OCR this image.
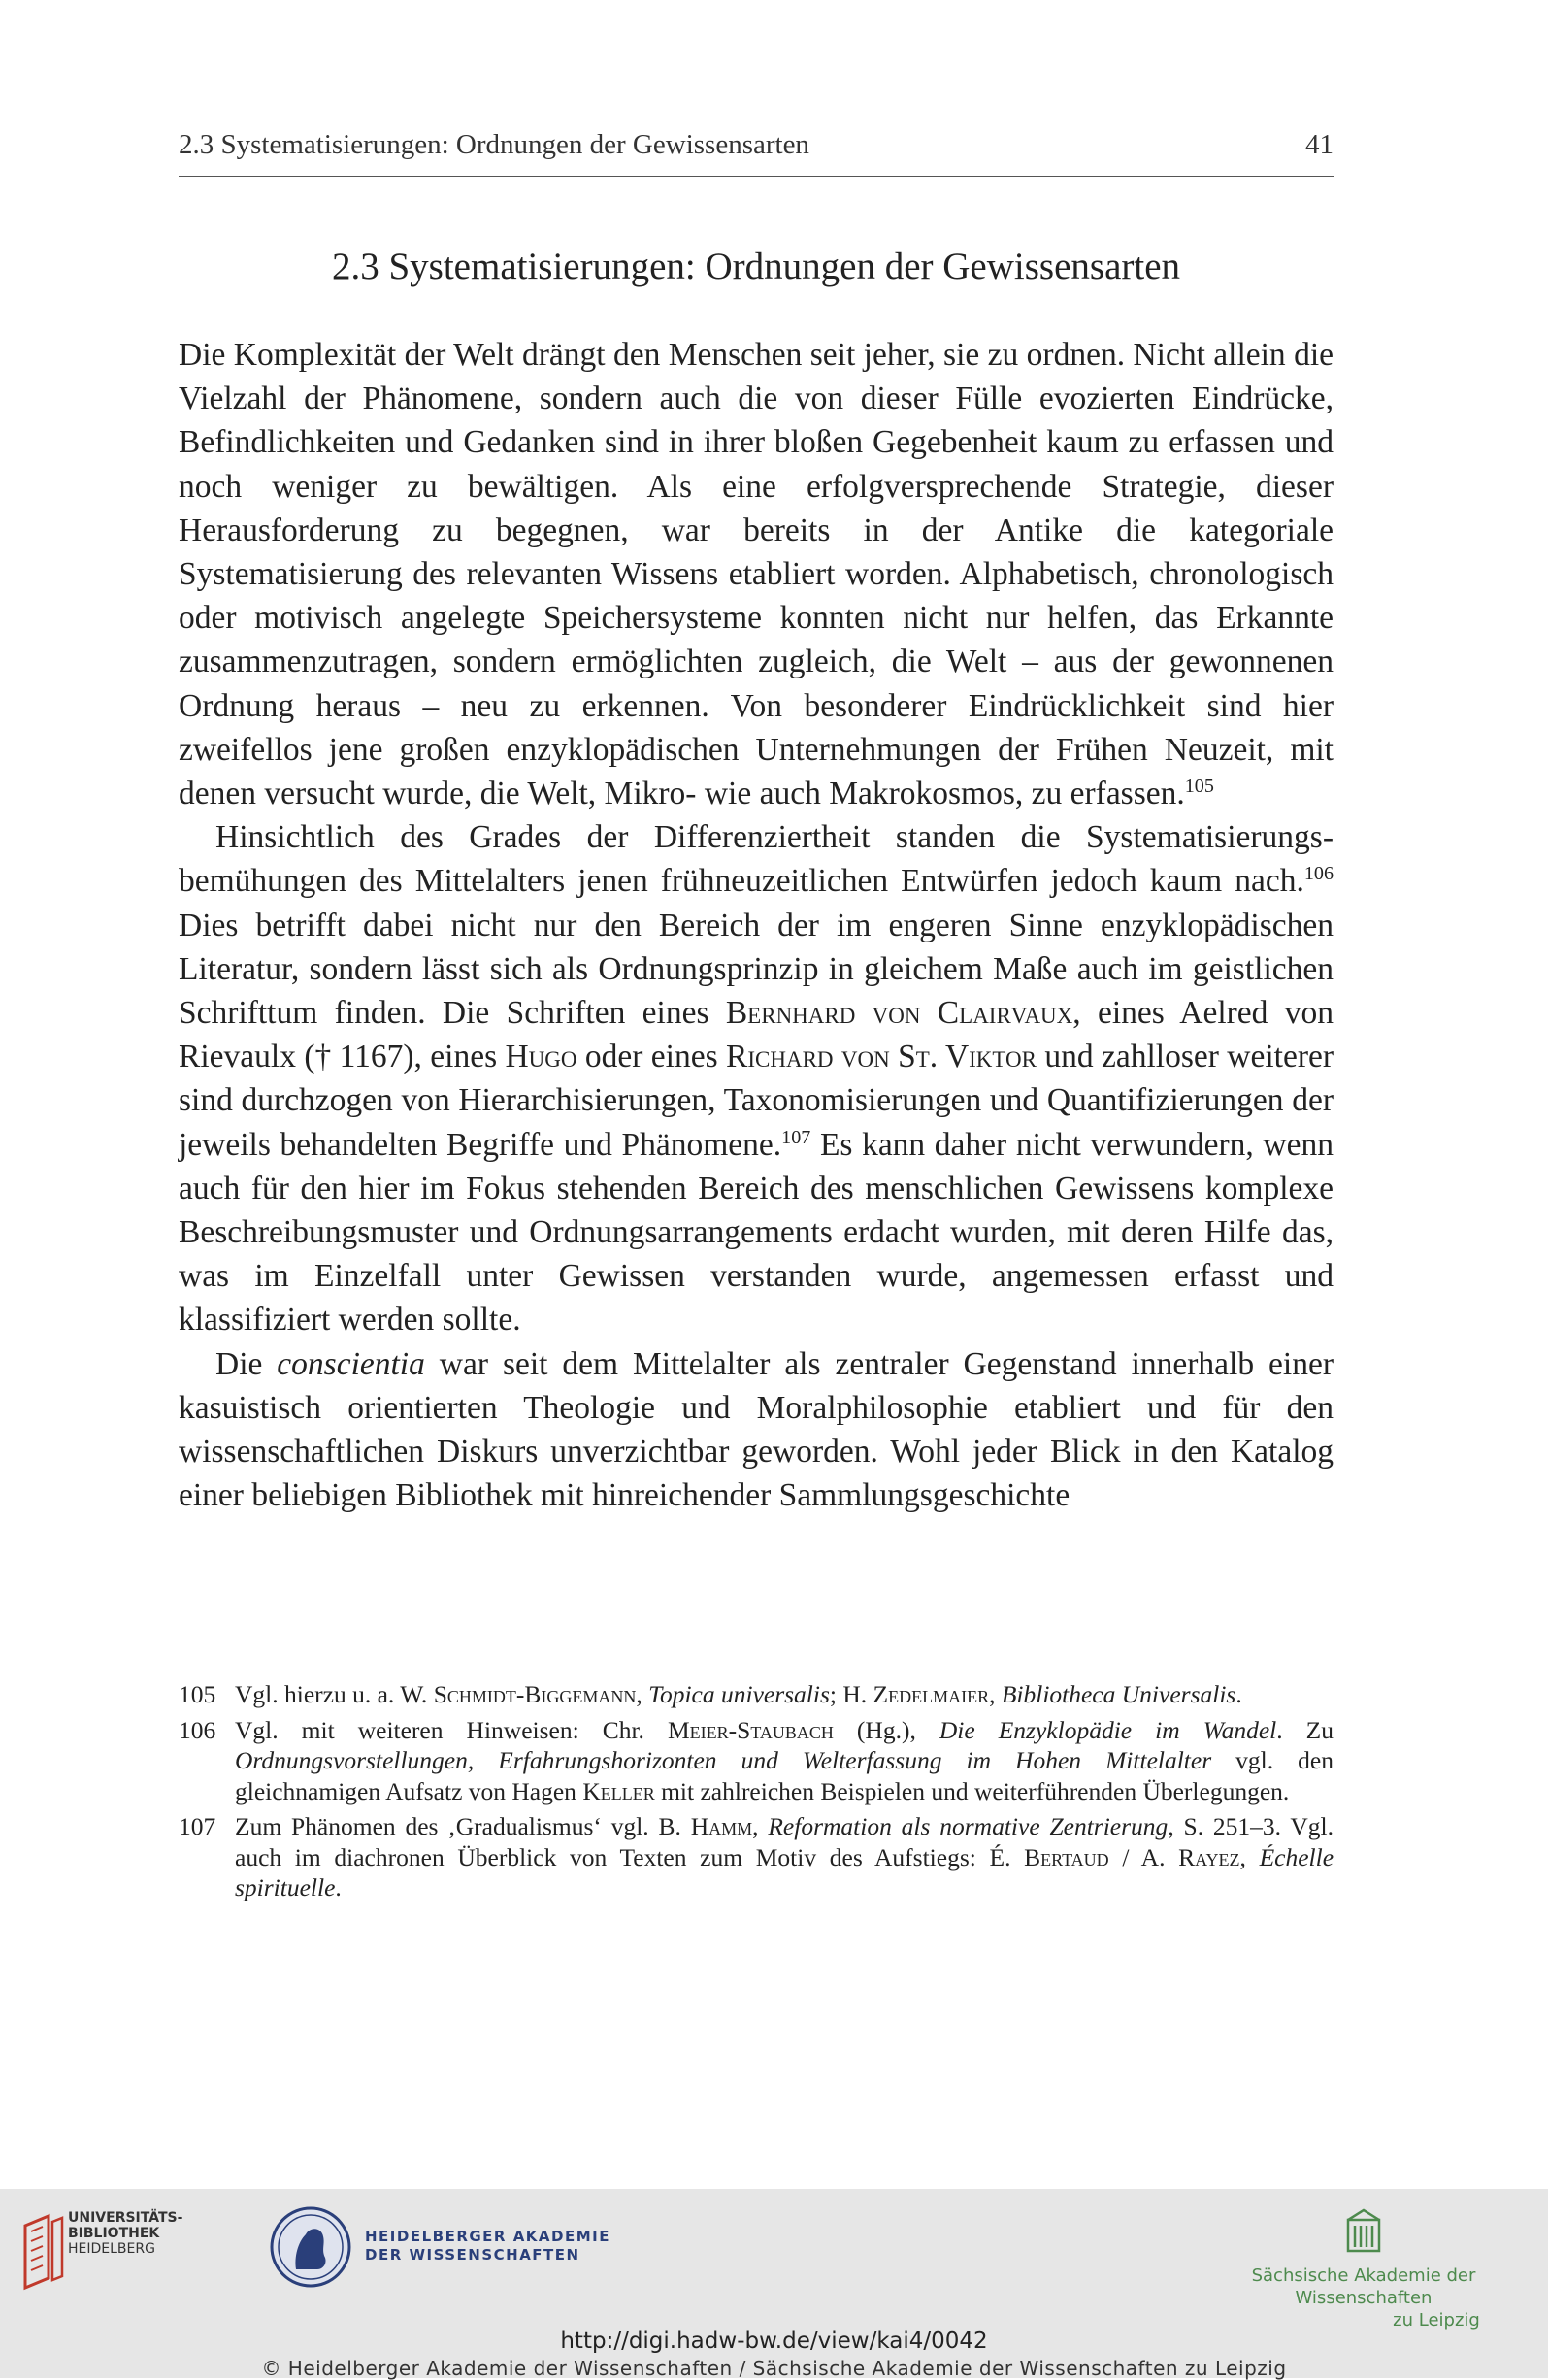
2.3 Systematisierungen: Ordnungen der Gewissensarten	41
2.3 Systematisierungen: Ordnungen der Gewissensarten

Die Komplexität der Welt drängt den Menschen seit jeher, sie zu ordnen. Nicht allein die Vielzahl der Phänomene, sondern auch die von dieser Fülle evozierten Eindrücke, Befindlichkeiten und Gedanken sind in ihrer bloßen Gegebenheit kaum zu erfassen und noch weniger zu bewältigen. Als eine erfolgversprechende Strategie, dieser Herausforderung zu begegnen, war bereits in der Antike die kategoriale Systematisierung des relevanten Wissens etabliert worden. Alphabetisch, chronologisch oder motivisch angelegte Speichersysteme konnten nicht nur helfen, das Erkannte zusammenzutragen, sondern ermöglichten zugleich, die Welt – aus der gewonnenen Ordnung heraus – neu zu erkennen. Von besonderer Eindrücklichkeit sind hier zweifellos jene großen enzyklopädischen Unternehmungen der Frühen Neuzeit, mit denen versucht wurde, die Welt, Mikro- wie auch Makrokosmos, zu erfassen.$^{105}$

Hinsichtlich des Grades der Differenziertheit standen die Systematisierungsbemühungen des Mittelalters jenen frühneuzeitlichen Entwürfen jedoch kaum nach.$^{106}$ Dies betrifft dabei nicht nur den Bereich der im engeren Sinne enzyklopädischen Literatur, sondern lässt sich als Ordnungsprinzip in gleichem Maße auch im geistlichen Schrifttum finden. Die Schriften eines Bernhard von Clairvaux, eines Aelred von Rievaulx († 1167), eines Hugo oder eines Richard von St. Viktor und zahlloser weiterer sind durchzogen von Hierarchisierungen, Taxonomisierungen und Quantifizierungen der jeweils behandelten Begriffe und Phänomene.$^{107}$ Es kann daher nicht verwundern, wenn auch für den hier im Fokus stehenden Bereich des menschlichen Gewissens komplexe Beschreibungsmuster und Ordnungsarrangements erdacht wurden, mit deren Hilfe das, was im Einzelfall unter Gewissen verstanden wurde, angemessen erfasst und klassifiziert werden sollte.

Die conscientia war seit dem Mittelalter als zentraler Gegenstand innerhalb einer kasuistisch orientierten Theologie und Moralphilosophie etabliert und für den wissenschaftlichen Diskurs unverzichtbar geworden. Wohl jeder Blick in den Katalog einer beliebigen Bibliothek mit hinreichender Sammlungsgeschichte

105 Vgl. hierzu u. a. W. Schmidt-Biggemann, Topica universalis; H. Zedelmaier, Bibliotheca Universalis.
106 Vgl. mit weiteren Hinweisen: Chr. Meier-Staubach (Hg.), Die Enzyklopädie im Wandel. Zu Ordnungsvorstellungen, Erfahrungshorizonten und Welterfassung im Hohen Mittelalter vgl. den gleichnamigen Aufsatz von Hagen Keller mit zahlreichen Beispielen und weiterführenden Überlegungen.
107 Zum Phänomen des ‚Gradualismus‘ vgl. B. Hamm, Reformation als normative Zentrierung, S. 251–3. Vgl. auch im diachronen Überblick von Texten zum Motiv des Aufstiegs: É. Bertaud / A. Rayez, Échelle spirituelle.
UNIVERSITÄTS-
BIBLIOTHEK
HEIDELBERG
HEIDELBERGER AKADEMIE
DER WISSENSCHAFTEN
Sächsische Akademie der Wissenschaften
zu Leipzig
http://digi.hadw-bw.de/view/kai4/0042
© Heidelberger Akademie der Wissenschaften / Sächsische Akademie der Wissenschaften zu Leipzig
